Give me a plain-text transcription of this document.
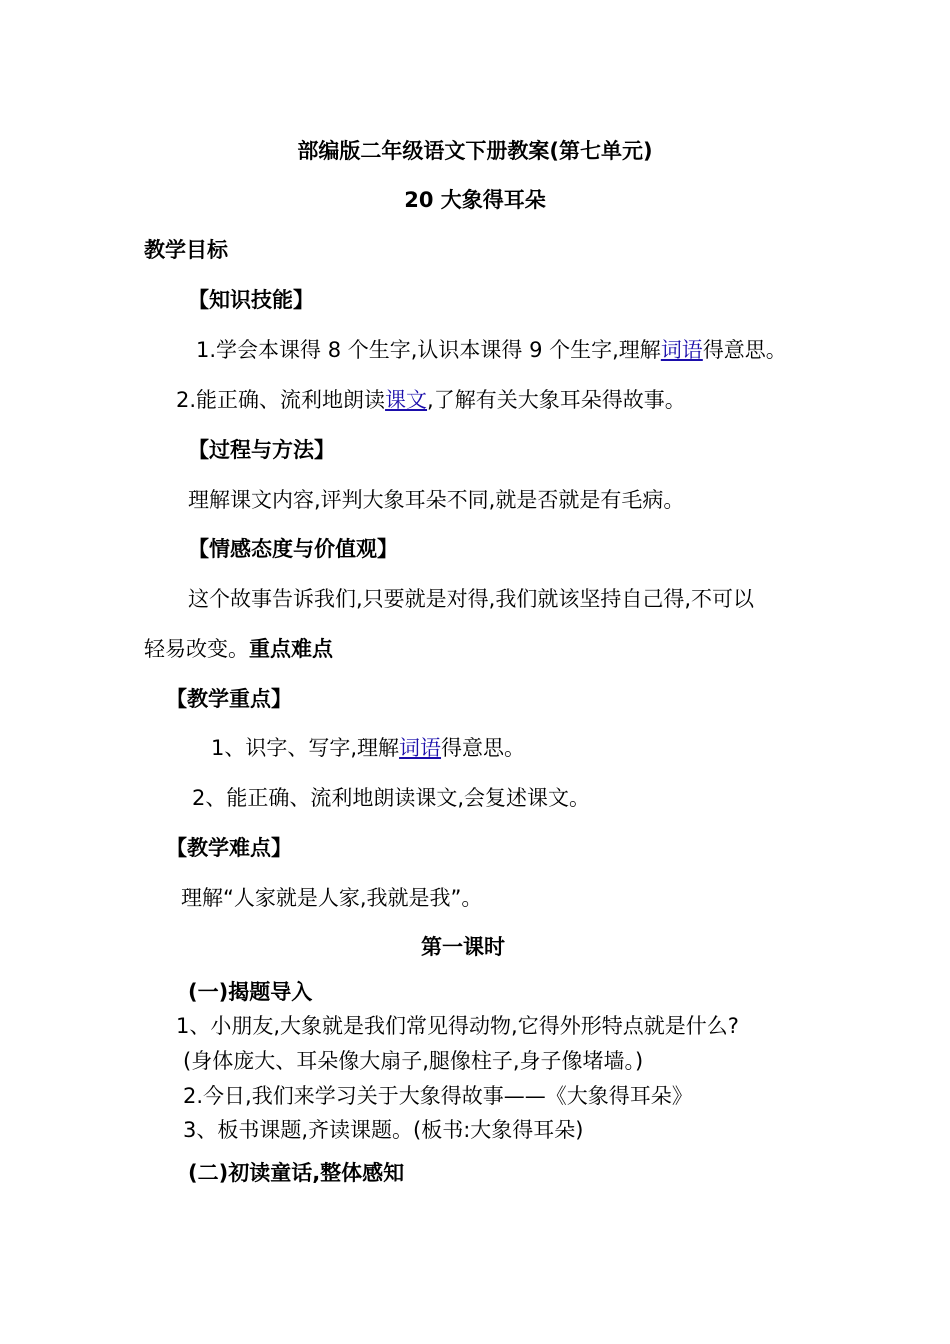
部编版二年级语文下册教案(第七单元)
20 大象得耳朵
教学目标
【知识技能】
1.学会本课得 8 个生字,认识本课得 9 个生字,理解词语得意思。
2.能正确、流利地朗读课文,了解有关大象耳朵得故事。
【过程与方法】
理解课文内容,评判大象耳朵不同,就是否就是有毛病。
【情感态度与价值观】
这个故事告诉我们,只要就是对得,我们就该坚持自己得,不可以
轻易改变。重点难点
【教学重点】
1、识字、写字,理解词语得意思。
2、能正确、流利地朗读课文,会复述课文。
【教学难点】
理解“人家就是人家,我就是我”。
第一课时
(一)揭题导入
1、小朋友,大象就是我们常见得动物,它得外形特点就是什么?
(身体庞大、耳朵像大扇子,腿像柱子,身子像堵墙。)
2.今日,我们来学习关于大象得故事——《大象得耳朵》
3、板书课题,齐读课题。(板书:大象得耳朵)
(二)初读童话,整体感知
